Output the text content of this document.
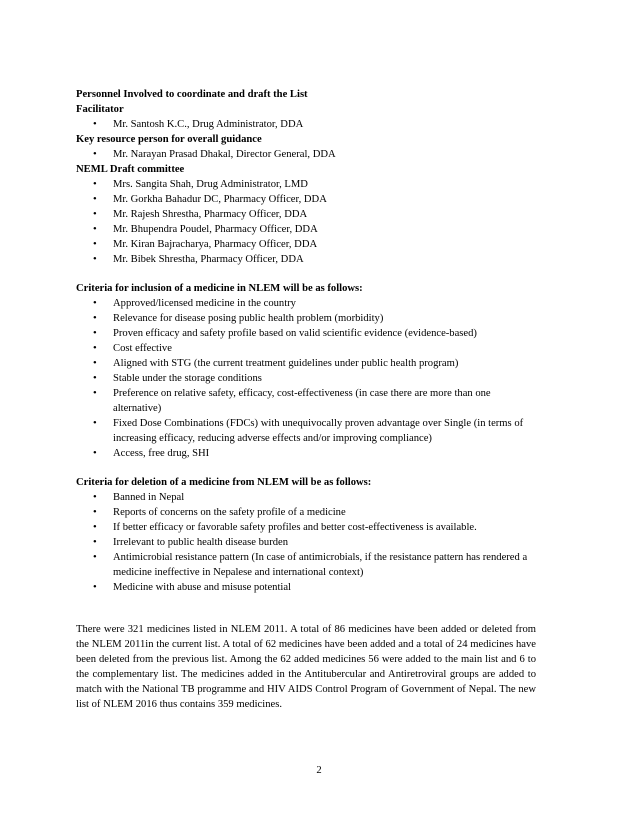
Personnel Involved to coordinate and draft the List
Facilitator
• Mr. Santosh K.C., Drug Administrator, DDA
Key resource person for overall guidance
• Mr. Narayan Prasad Dhakal, Director General, DDA
NEML Draft committee
• Mrs. Sangita Shah, Drug Administrator, LMD
• Mr. Gorkha Bahadur DC, Pharmacy Officer, DDA
• Mr. Rajesh Shrestha, Pharmacy Officer, DDA
• Mr. Bhupendra Poudel, Pharmacy Officer, DDA
• Mr. Kiran Bajracharya, Pharmacy Officer, DDA
• Mr. Bibek Shrestha, Pharmacy Officer, DDA
Criteria for inclusion of a medicine in NLEM will be as follows:
• Approved/licensed medicine in the country
• Relevance for disease posing public health problem (morbidity)
• Proven efficacy and safety profile based on valid scientific evidence (evidence-based)
• Cost effective
• Aligned with STG (the current treatment guidelines under public health program)
• Stable under the storage conditions
• Preference on relative safety, efficacy, cost-effectiveness (in case there are more than one alternative)
• Fixed Dose Combinations (FDCs) with unequivocally proven advantage over Single (in terms of increasing efficacy, reducing adverse effects and/or improving compliance)
• Access, free drug, SHI
Criteria for deletion of a medicine from NLEM will be as follows:
• Banned in Nepal
• Reports of concerns on the safety profile of a medicine
• If better efficacy or favorable safety profiles and better cost-effectiveness is available.
• Irrelevant to public health disease burden
• Antimicrobial resistance pattern (In case of antimicrobials, if the resistance pattern has rendered a medicine ineffective in Nepalese and international context)
• Medicine with abuse and misuse potential

There were 321 medicines listed in NLEM 2011. A total of 86 medicines have been added or deleted from the NLEM 2011in the current list. A total of 62 medicines have been added and a total of 24 medicines have been deleted from the previous list. Among the 62 added medicines 56 were added to the main list and 6 to the complementary list. The medicines added in the Antitubercular and Antiretroviral groups are added to match with the National TB programme and HIV AIDS Control Program of Government of Nepal. The new list of NLEM 2016 thus contains 359 medicines.

2
